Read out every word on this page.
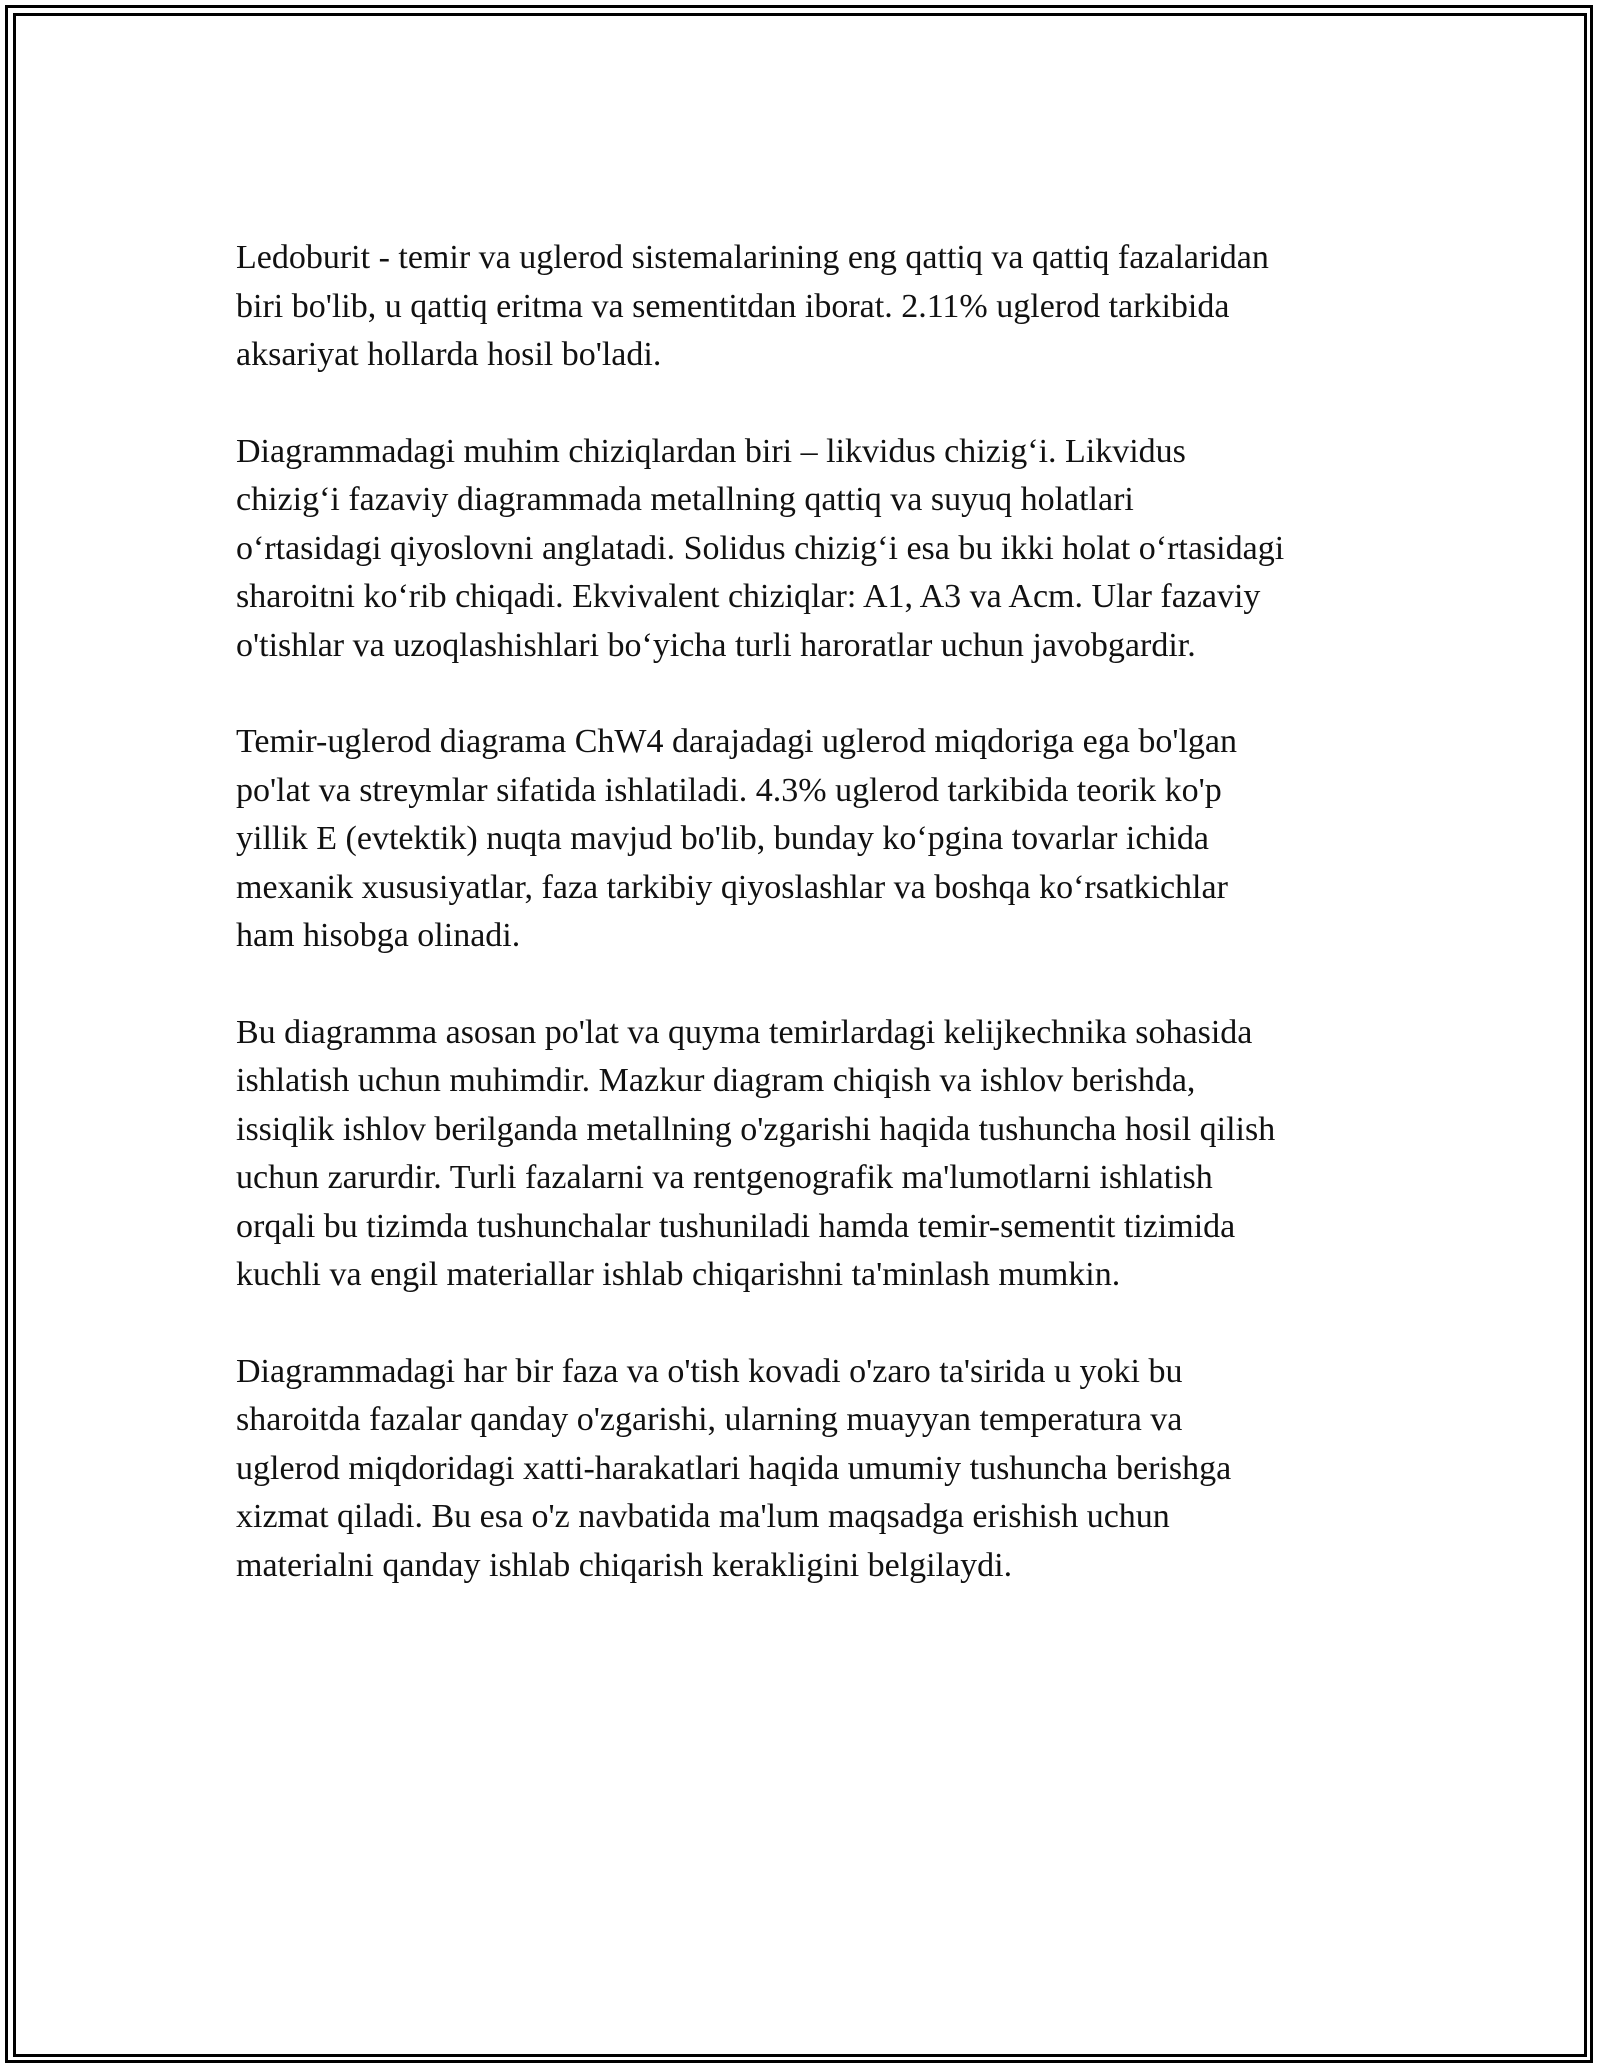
Ledoburit - temir va uglerod sistemalarining eng qattiq va qattiq fazalaridan
biri bo'lib, u qattiq eritma va sementitdan iborat. 2.11% uglerod tarkibida
aksariyat hollarda hosil bo'ladi.

Diagrammadagi muhim chiziqlardan biri – likvidus chizig‘i. Likvidus
chizig‘i fazaviy diagrammada metallning qattiq va suyuq holatlari
o‘rtasidagi qiyoslovni anglatadi. Solidus chizig‘i esa bu ikki holat o‘rtasidagi
sharoitni ko‘rib chiqadi. Ekvivalent chiziqlar: A1, A3 va Acm. Ular fazaviy
o'tishlar va uzoqlashishlari bo‘yicha turli haroratlar uchun javobgardir.

Temir-uglerod diagrama ChW4 darajadagi uglerod miqdoriga ega bo'lgan
po'lat va streymlar sifatida ishlatiladi. 4.3% uglerod tarkibida teorik ko'p
yillik E (evtektik) nuqta mavjud bo'lib, bunday ko‘pgina tovarlar ichida
mexanik xususiyatlar, faza tarkibiy qiyoslashlar va boshqa ko‘rsatkichlar
ham hisobga olinadi.

Bu diagramma asosan po'lat va quyma temirlardagi kelijkechnika sohasida
ishlatish uchun muhimdir. Mazkur diagram chiqish va ishlov berishda,
issiqlik ishlov berilganda metallning o'zgarishi haqida tushuncha hosil qilish
uchun zarurdir. Turli fazalarni va rentgenografik ma'lumotlarni ishlatish
orqali bu tizimda tushunchalar tushuniladi hamda temir-sementit tizimida
kuchli va engil materiallar ishlab chiqarishni ta'minlash mumkin.

Diagrammadagi har bir faza va o'tish kovadi o'zaro ta'sirida u yoki bu
sharoitda fazalar qanday o'zgarishi, ularning muayyan temperatura va
uglerod miqdoridagi xatti-harakatlari haqida umumiy tushuncha berishga
xizmat qiladi. Bu esa o'z navbatida ma'lum maqsadga erishish uchun
materialni qanday ishlab chiqarish kerakligini belgilaydi.
